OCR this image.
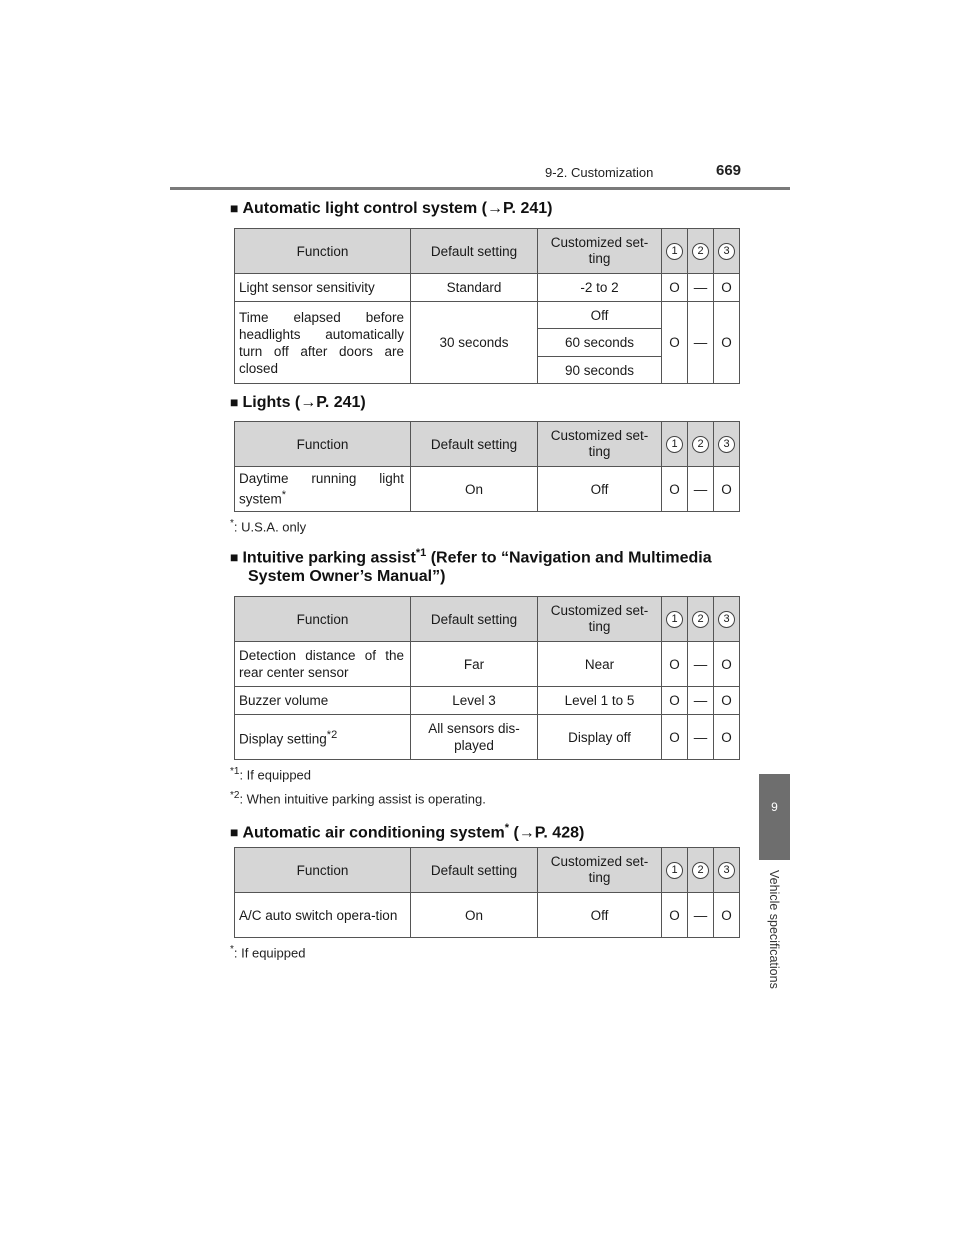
9-2. Customization	669
9
Vehicle specifications
■ Automatic light control system (→P. 241)
Function	Default setting	Customized set-ting	1	2	3
Light sensor sensitivity	Standard	-2 to 2	O	—	O
Time elapsed before headlights automatically turn off after doors are closed	30 seconds	Off	O	—	O
		60 seconds			
		90 seconds			
■ Lights (→P. 241)
Function	Default setting	Customized set-ting	1	2	3
Daytime running light system*	On	Off	O	—	O
*: U.S.A. only
■ Intuitive parking assist$^{*1}$ (Refer to “Navigation and Multimedia
System Owner’s Manual”)
Function	Default setting	Customized set-ting	1	2	3
Detection distance of the rear center sensor	Far	Near	O	—	O
Buzzer volume	Level 3	Level 1 to 5	O	—	O
Display setting$^{*2}$	All sensors dis-played	Display off	O	—	O
$^{*1}$: If equipped
$^{*2}$: When intuitive parking assist is operating.
■ Automatic air conditioning system* (→P. 428)
Function	Default setting	Customized set-ting	1	2	3
A/C auto switch opera-tion	On	Off	O	—	O
*: If equipped
